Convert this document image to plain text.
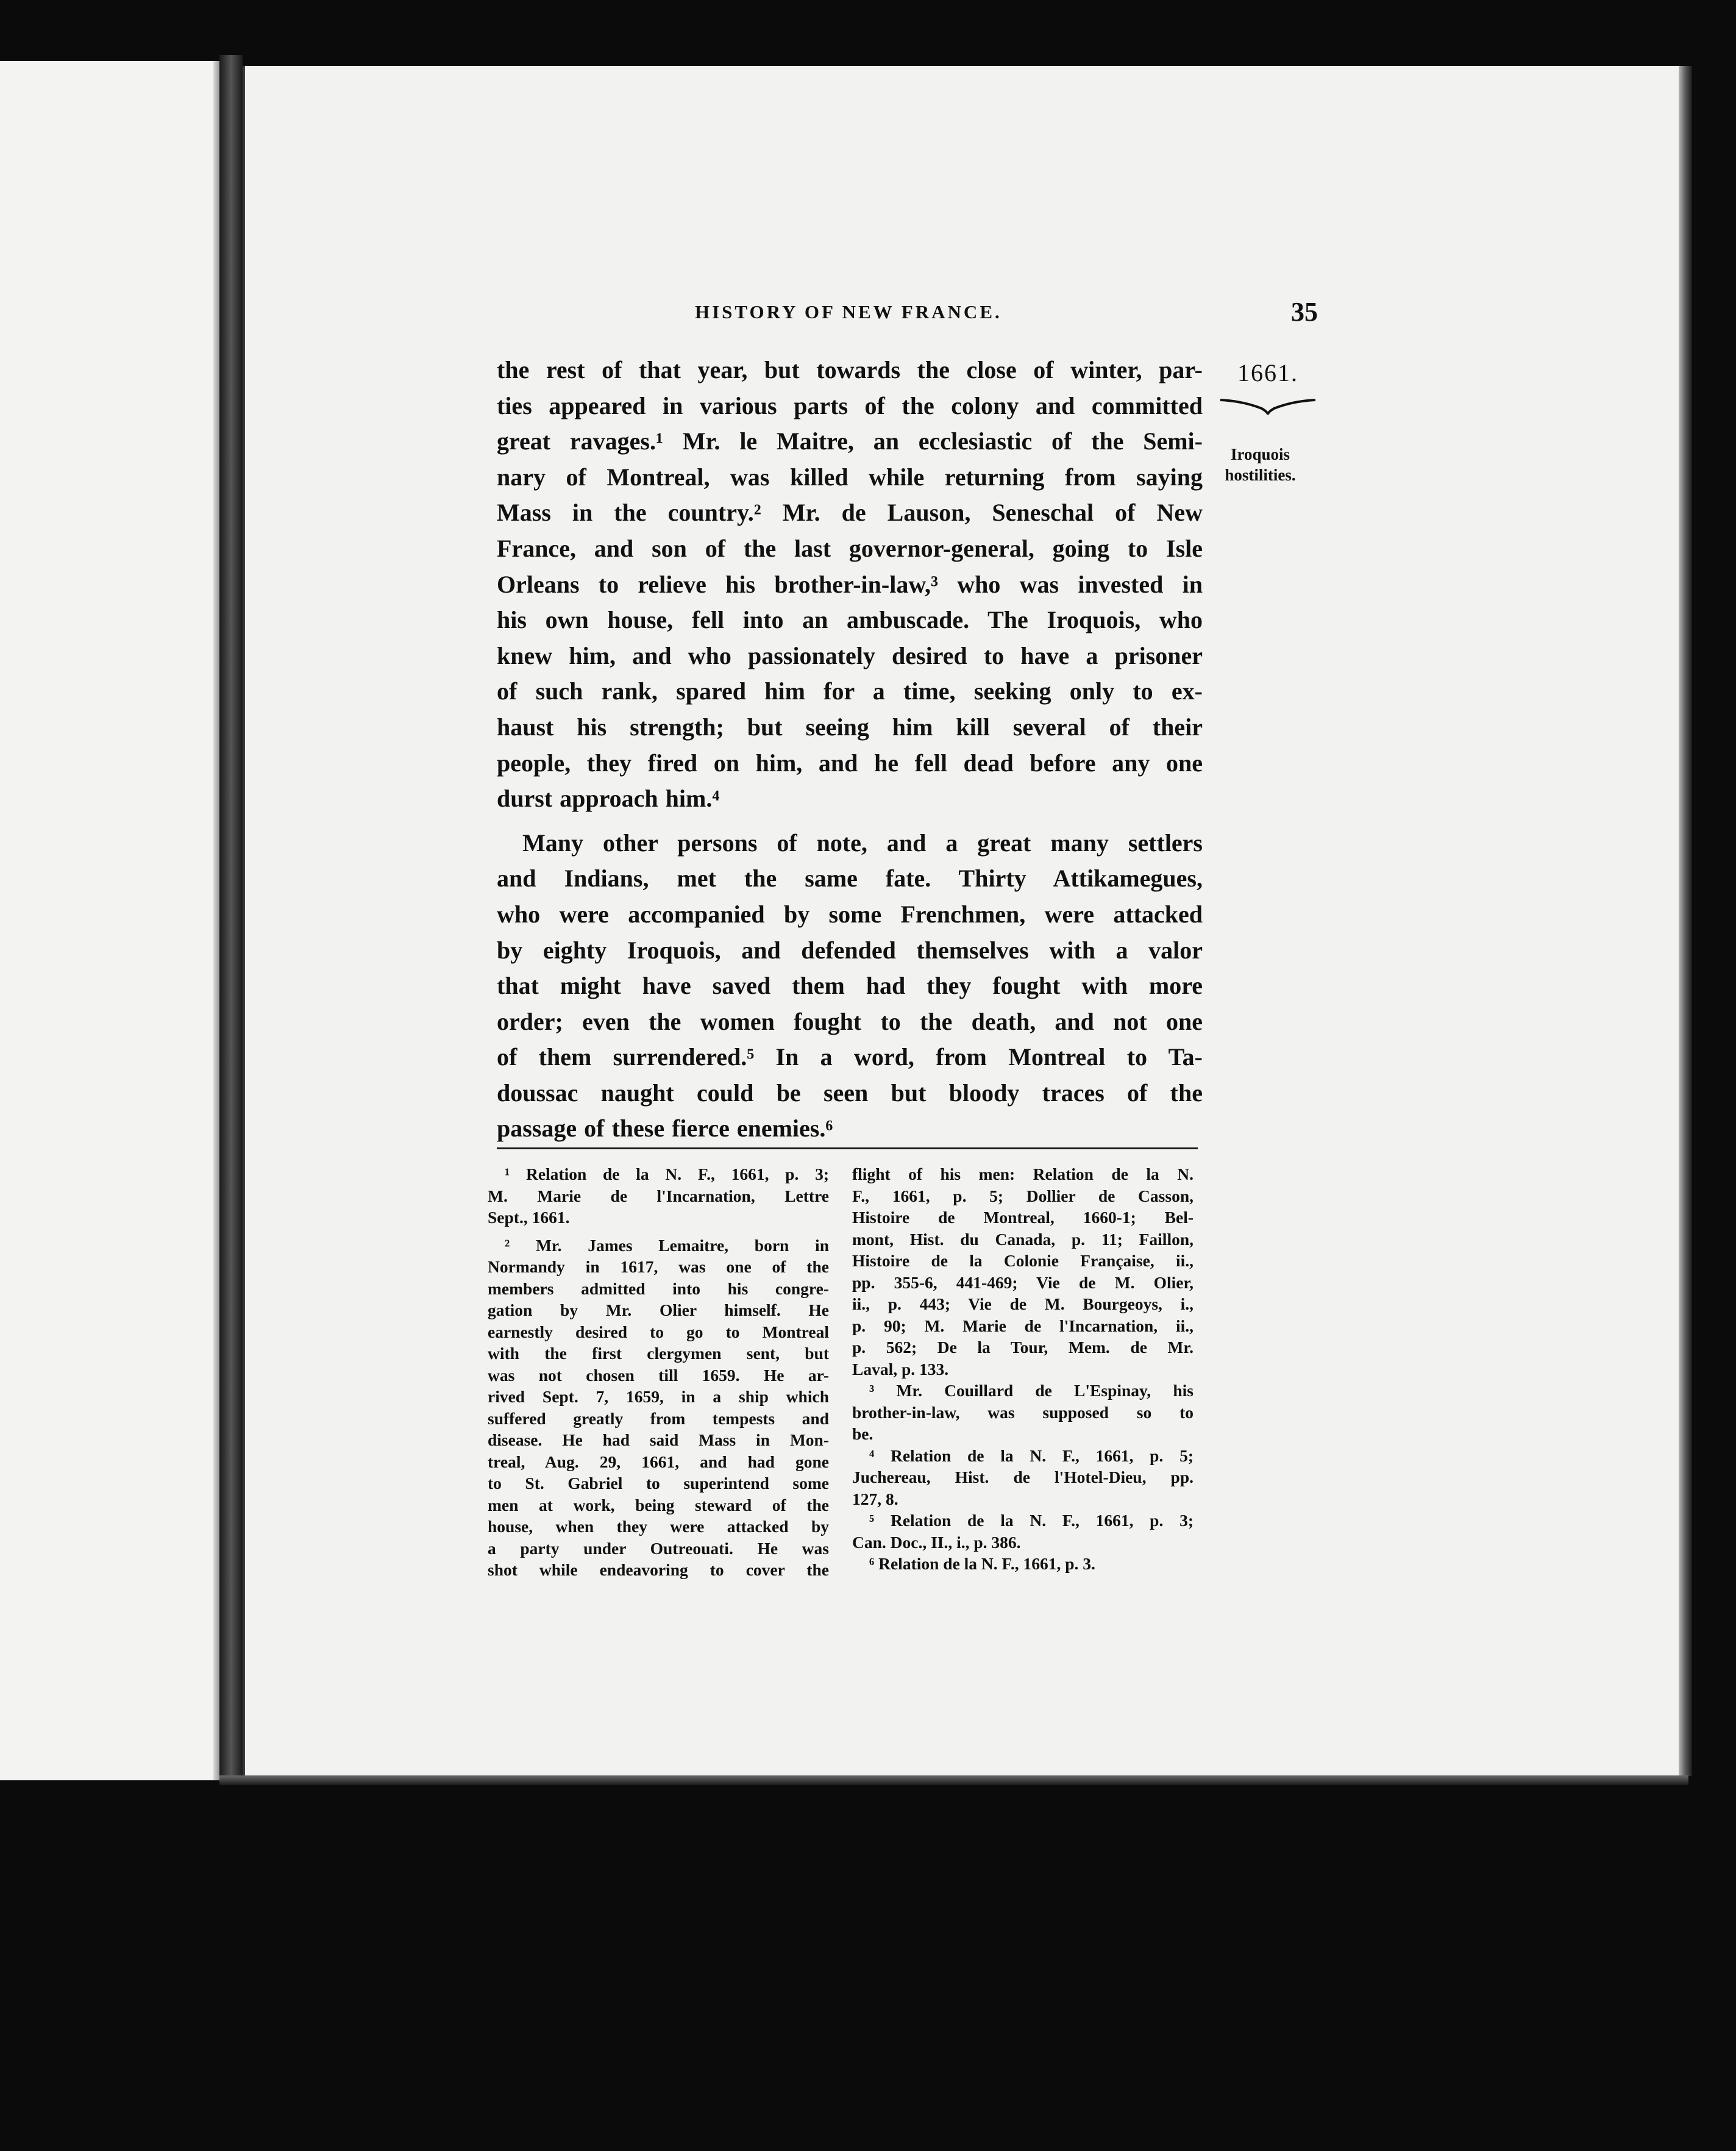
HISTORY OF NEW FRANCE.	35
1661.
Iroquois
hostilities.
the rest of that year, but towards the close of winter, par-
ties appeared in various parts of the colony and committed
great ravages.¹ Mr. le Maitre, an ecclesiastic of the Semi-
nary of Montreal, was killed while returning from saying
Mass in the country.² Mr. de Lauson, Seneschal of New
France, and son of the last governor-general, going to Isle
Orleans to relieve his brother-in-law,³ who was invested in
his own house, fell into an ambuscade. The Iroquois, who
knew him, and who passionately desired to have a prisoner
of such rank, spared him for a time, seeking only to ex-
haust his strength; but seeing him kill several of their
people, they fired on him, and he fell dead before any one
durst approach him.⁴
Many other persons of note, and a great many settlers
and Indians, met the same fate. Thirty Attikamegues,
who were accompanied by some Frenchmen, were attacked
by eighty Iroquois, and defended themselves with a valor
that might have saved them had they fought with more
order; even the women fought to the death, and not one
of them surrendered.⁵ In a word, from Montreal to Ta-
doussac naught could be seen but bloody traces of the
passage of these fierce enemies.⁶
¹ Relation de la N. F., 1661, p. 3;
M. Marie de l'Incarnation, Lettre
Sept., 1661.
² Mr. James Lemaitre, born in
Normandy in 1617, was one of the
members admitted into his congre-
gation by Mr. Olier himself. He
earnestly desired to go to Montreal
with the first clergymen sent, but
was not chosen till 1659. He ar-
rived Sept. 7, 1659, in a ship which
suffered greatly from tempests and
disease. He had said Mass in Mon-
treal, Aug. 29, 1661, and had gone
to St. Gabriel to superintend some
men at work, being steward of the
house, when they were attacked by
a party under Outreouati. He was
shot while endeavoring to cover the
flight of his men: Relation de la N.
F., 1661, p. 5; Dollier de Casson,
Histoire de Montreal, 1660-1; Bel-
mont, Hist. du Canada, p. 11; Faillon,
Histoire de la Colonie Française, ii.,
pp. 355-6, 441-469; Vie de M. Olier,
ii., p. 443; Vie de M. Bourgeoys, i.,
p. 90; M. Marie de l'Incarnation, ii.,
p. 562; De la Tour, Mem. de Mr.
Laval, p. 133.
³ Mr. Couillard de L'Espinay, his
brother-in-law, was supposed so to
be.
⁴ Relation de la N. F., 1661, p. 5;
Juchereau, Hist. de l'Hotel-Dieu, pp.
127, 8.
⁵ Relation de la N. F., 1661, p. 3;
Can. Doc., II., i., p. 386.
⁶ Relation de la N. F., 1661, p. 3.
